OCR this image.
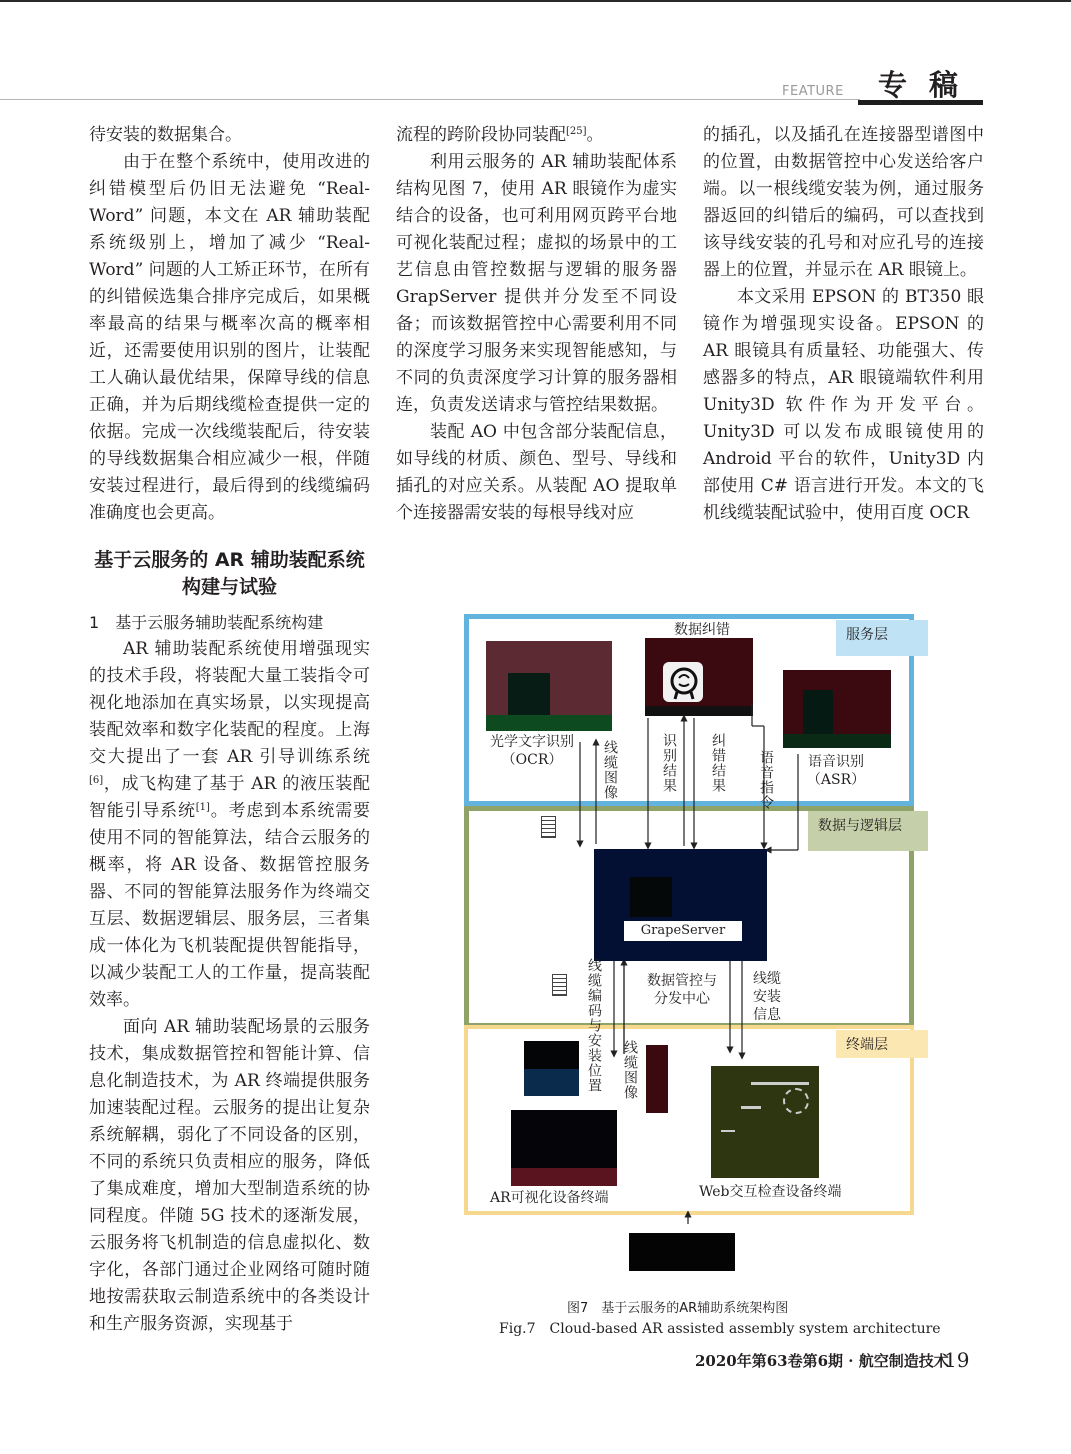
FEATURE 专稿

待安装的数据集合。

由于在整个系统中，使用改进的纠错模型后仍旧无法避免 “Real-Word” 问题，本文在 AR 辅助装配系统级别上，增加了减少 “Real-Word” 问题的人工矫正环节，在所有的纠错候选集合排序完成后，如果概率最高的结果与概率次高的概率相近，还需要使用识别的图片，让装配工人确认最优结果，保障导线的信息正确，并为后期线缆检查提供一定的依据。完成一次线缆装配后，待安装的导线数据集合相应减少一根，伴随安装过程进行，最后得到的线缆编码准确度也会更高。

基于云服务的 AR 辅助装配系统构建与试验

1　 基于云服务辅助装配系统构建

AR 辅助装配系统使用增强现实的技术手段，将装配大量工装指令可视化地添加在真实场景，以实现提高装配效率和数字化装配的程度。上海交大提出了一套 AR 引导训练系统[6]，成飞构建了基于 AR 的液压装配智能引导系统[1]。考虑到本系统需要使用不同的智能算法，结合云服务的概率，将 AR 设备、数据管控服务器、不同的智能算法服务作为终端交互层、数据逻辑层、服务层，三者集成一体化为飞机装配提供智能指导，以减少装配工人的工作量，提高装配效率。

面向 AR 辅助装配场景的云服务技术，集成数据管控和智能计算、信息化制造技术，为 AR 终端提供服务加速装配过程。云服务的提出让复杂系统解耦，弱化了不同设备的区别，不同的系统只负责相应的服务，降低了集成难度，增加大型制造系统的协同程度。伴随 5G 技术的逐渐发展，云服务将飞机制造的信息虚拟化、数字化，各部门通过企业网络可随时随地按需获取云制造系统中的各类设计和生产服务资源，实现基于

流程的跨阶段协同装配[25]。

利用云服务的 AR 辅助装配体系结构见图 7，使用 AR 眼镜作为虚实结合的设备，也可利用网页跨平台地可视化装配过程；虚拟的场景中的工艺信息由管控数据与逻辑的服务器 GrapServer 提供并分发至不同设备；而该数据管控中心需要利用不同的深度学习服务来实现智能感知，与不同的负责深度学习计算的服务器相连，负责发送请求与管控结果数据。

装配 AO 中包含部分装配信息，如导线的材质、颜色、型号、导线和插孔的对应关系。从装配 AO 提取单个连接器需安装的每根导线对应

的插孔，以及插孔在连接器型谱图中的位置，由数据管控中心发送给客户端。以一根线缆安装为例，通过服务器返回的纠错后的编码，可以查找到该导线安装的孔号和对应孔号的连接器上的位置，并显示在 AR 眼镜上。

本文采用 EPSON 的 BT350 眼镜作为增强现实设备。EPSON 的 AR 眼镜具有质量轻、功能强大、传感器多的特点，AR 眼镜端软件利用 Unity3D 软件作为开发平台。Unity3D 可以发布成眼镜使用的 Android 平台的软件，Unity3D 内部使用 C# 语言进行开发。本文的飞机线缆装配试验中，使用百度 OCR

服务层
数据与逻辑层
终端层
光学文字识别
（OCR）
数据纠错
语音识别
（ASR）
线缆图像	识别结果 纠错结果 语音指令
GrapeServer
线缆编码与安装位置	数据管控与
分发中心
线缆安装信息
线缆图像
AR可视化设备终端	Web交互检查设备终端
图7　基于云服务的AR辅助系统架构图
Fig.7　Cloud-based AR assisted assembly system architecture
2020年第63卷第6期 · 航空制造技术
19
